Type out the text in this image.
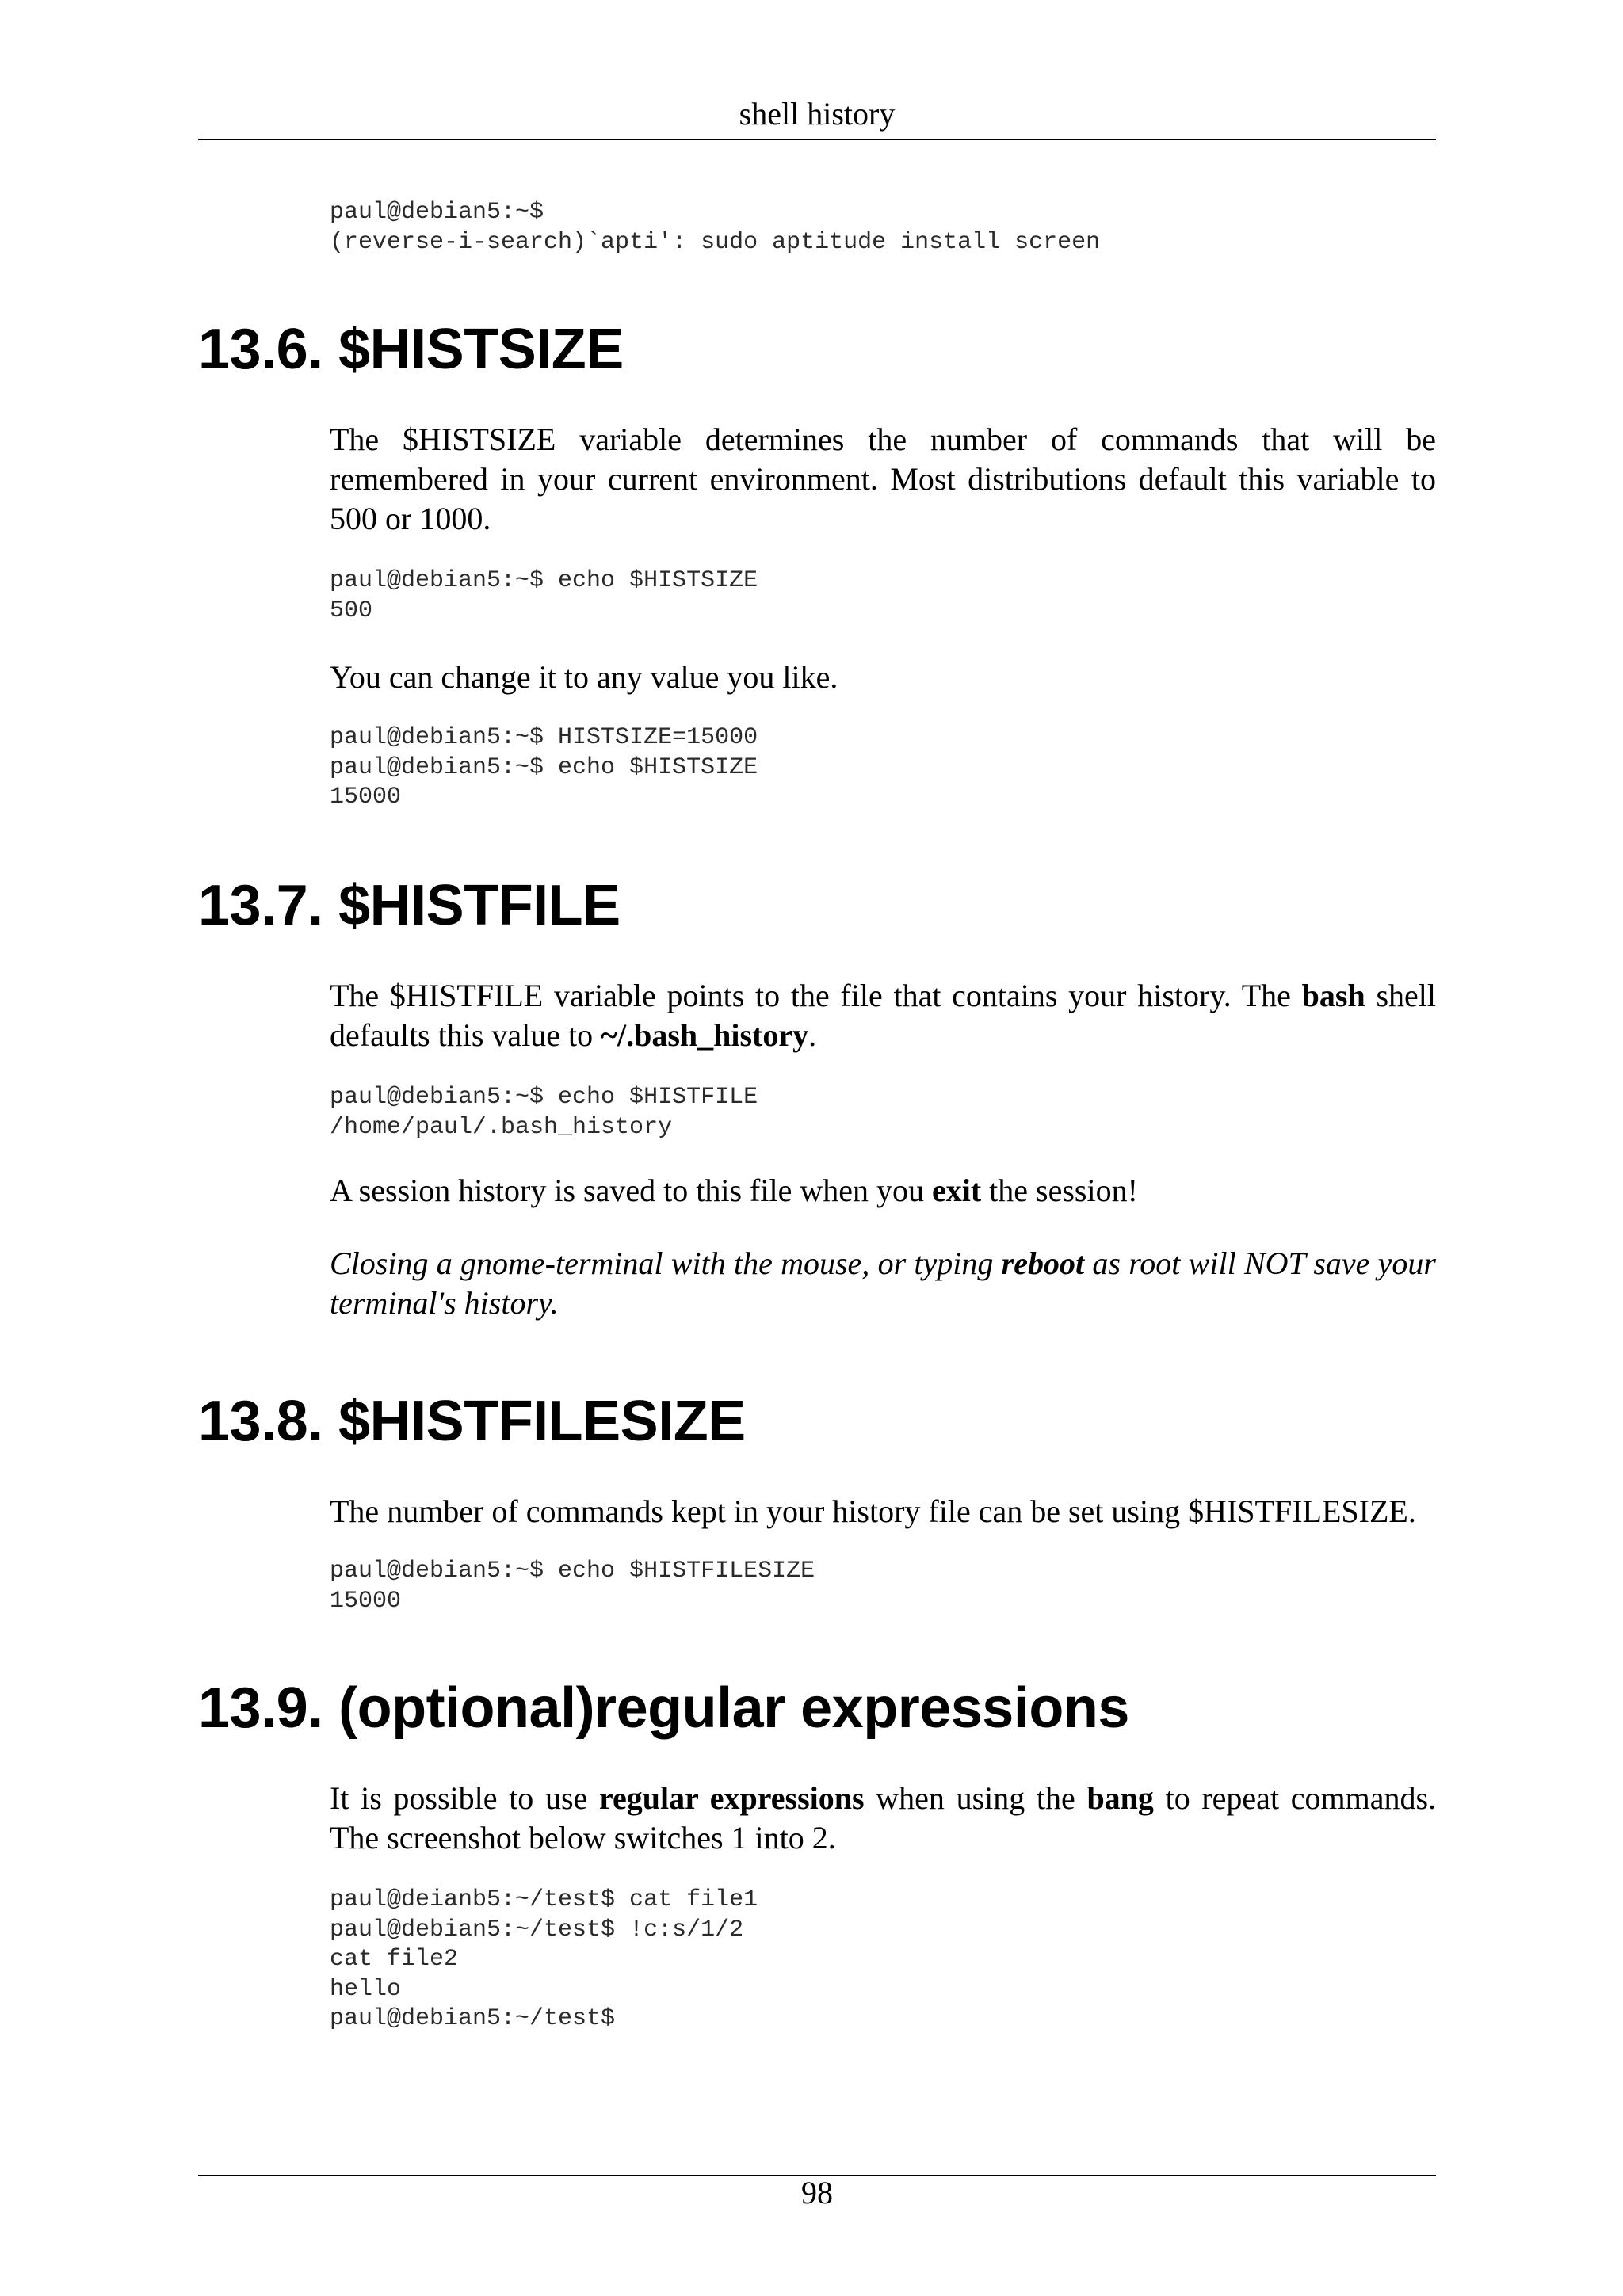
shell history
paul@debian5:~$
(reverse-i-search)`apti': sudo aptitude install screen
13.6. $HISTSIZE

The $HISTSIZE variable determines the number of commands that will be remembered in your current environment. Most distributions default this variable to 500 or 1000.

paul@debian5:~$ echo $HISTSIZE
500

You can change it to any value you like.

paul@debian5:~$ HISTSIZE=15000
paul@debian5:~$ echo $HISTSIZE
15000
13.7. $HISTFILE

The $HISTFILE variable points to the file that contains your history. The bash shell defaults this value to ~/.bash_history.

paul@debian5:~$ echo $HISTFILE
/home/paul/.bash_history

A session history is saved to this file when you exit the session!

Closing a gnome-terminal with the mouse, or typing reboot as root will NOT save your terminal's history.

13.8. $HISTFILESIZE

The number of commands kept in your history file can be set using $HISTFILESIZE.

paul@debian5:~$ echo $HISTFILESIZE
15000
13.9. (optional)regular expressions

It is possible to use regular expressions when using the bang to repeat commands. The screenshot below switches 1 into 2.

paul@deianb5:~/test$ cat file1
paul@debian5:~/test$ !c:s/1/2
cat file2
hello
paul@debian5:~/test$
98
